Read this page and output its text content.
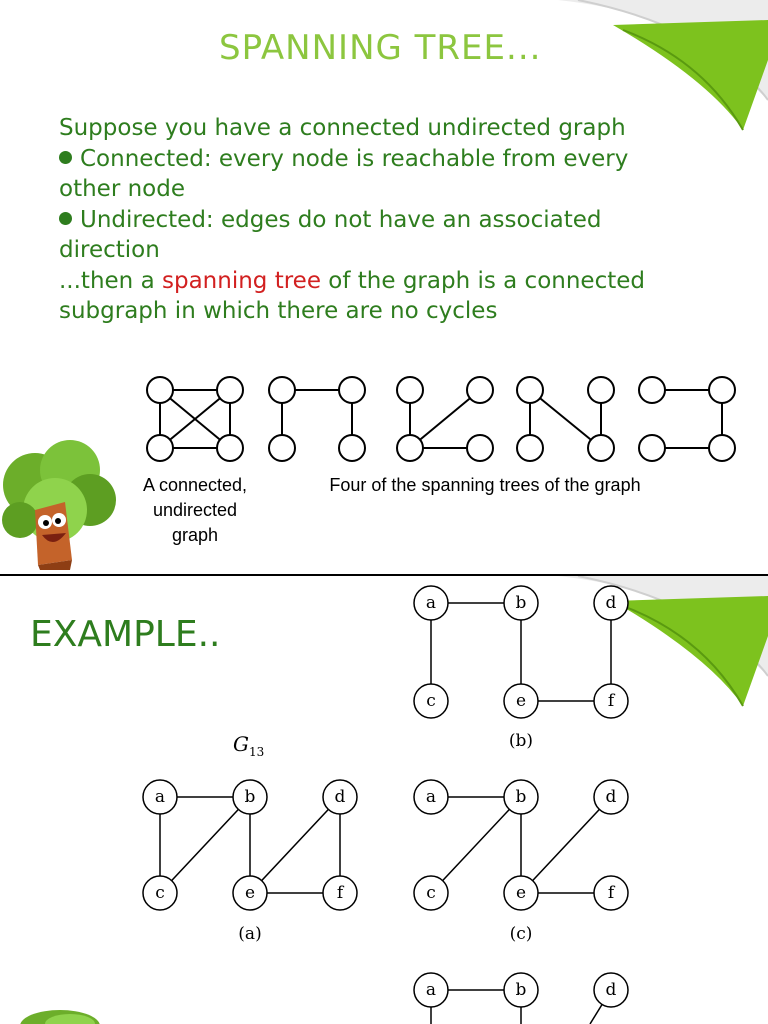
SPANNING TREE...
Suppose you have a connected undirected graph
Connected: every node is reachable from every
other node
Undirected: edges do not have an associated
direction
...then a spanning tree of the graph is a connected
subgraph in which there are no cycles
A connected,
undirected
graph
Four of the spanning trees of the graph
EXAMPLE..
$G_{13}$
a	b	d
c	e	f
a	b	d
c	e	f
a	b	d
c	e	f
a	b	d
(b)
(a)	(c)
